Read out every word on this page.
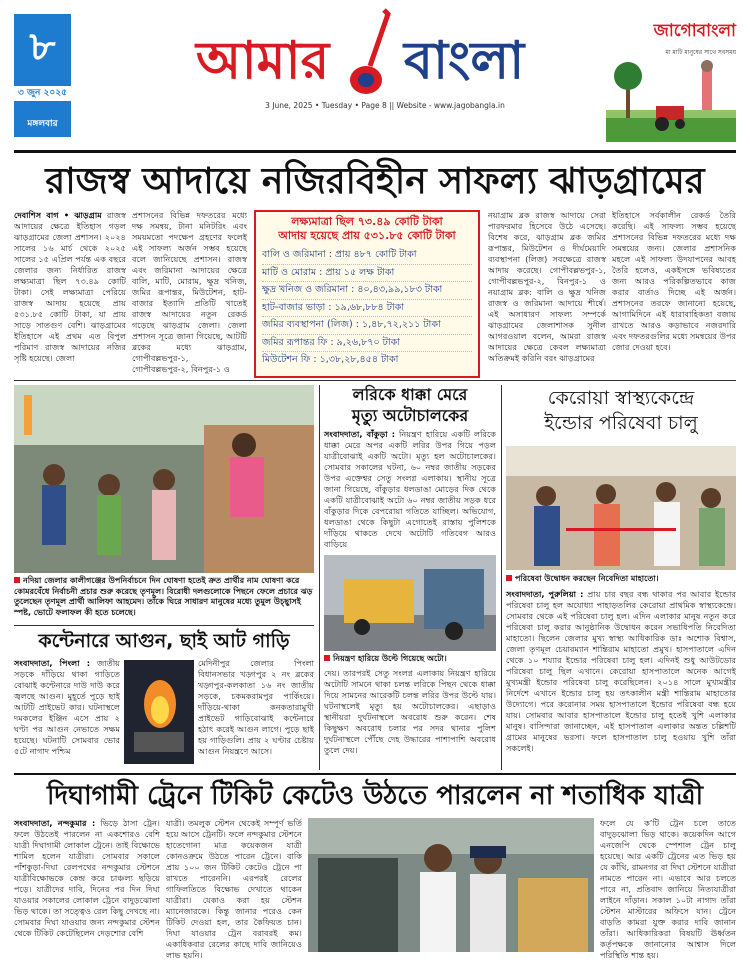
৮
৩ জুন ২০২৫
মঙ্গলবার
আমার বাংলা
3 June, 2025 • Tuesday • Page 8 || Website - www.jagobangla.in
জাগোবাংলা
মা মাটি মানুষের সাথে সবসময়
রাজস্ব আদায়ে নজিরবিহীন সাফল্য ঝাড়গ্রামের
দেবাশিস বাগ • ঝাড়গ্রাম রাজস্ব আদায়ের ক্ষেত্রে ইতিহাস গড়ল ঝাড়গ্রামের জেলা প্রশাসন। ২০২৪ সালের ১৬ মার্চ থেকে ২০২৫ সালের ১৫ এপ্রিল পর্যন্ত এক বছরে জেলার জন্য নির্ধারিত রাজস্ব লক্ষ্যমাত্রা ছিল ৭৩.৪৯ কোটি টাকা। সেই লক্ষ্যমাত্রা পেরিয়ে রাজস্ব আদায় হয়েছে প্রায় ৫৩১.৮৫ কোটি টাকা, যা প্রায় সাড়ে সাতগুণ বেশি। ঝাড়গ্রামের ইতিহাসে এই প্রথম এত বিপুল পরিমাণ রাজস্ব আদায়ের নজির সৃষ্টি হয়েছে। জেলা
প্রশাসনের বিভিন্ন দফতরের মধ্যে দক্ষ সমন্বয়, টানা মনিটরিং এবং সময়মতো পদক্ষেপ গ্রহণের ফলেই এই সাফল্য অর্জন সম্ভব হয়েছে বলে জানিয়েছে প্রশাসন। রাজস্ব এবং জরিমানা আদায়ের ক্ষেত্রে বালি, মাটি, মোরাম, ক্ষুদ্র খনিজ, জমির রূপান্তর, মিউটেশন, হাট-বাজার ইত্যাদি প্রতিটি খাতেই রাজস্ব আদায়ের নতুন রেকর্ড গড়েছে ঝাড়গ্রাম জেলা। জেলা প্রশাসন সূত্রে জানা গিয়েছে, আটটি ব্লকের মধ্যে ঝাড়গ্রাম, গোপীবল্লভপুর-১, গোপীবল্লভপুর-২, বিনপুর-১ ও
লক্ষ্যমাত্রা ছিল ৭৩.৪৯ কোটি টাকা
আদায় হয়েছে প্রায় ৫৩১.৮৫ কোটি টাকা
বালি ও জরিমানা : প্রায় ৪৮৭ কোটি টাকা
মাটি ও মোরাম : প্রায় ১৫ লক্ষ টাকা
ক্ষুদ্র খনিজ ও জরিমানা : ৪০,৪৩,৯৯,১৮৩ টাকা
হাট-বাজার ভাড়া : ১৯,৬৮,৮৮৪ টাকা
জমির ব্যবস্থাপনা (লিজ) : ১,৪৮,৭২,২১১ টাকা
জমির রূপান্তর ফি : ৯,২৬,৮৭০ টাকা
মিউটেশন ফি : ১,৩৮,২৮,৪৫৪ টাকা
নয়াগ্রাম ব্লক রাজস্ব আদায়ে সেরা পারফরমার হিসেবে উঠে এসেছে। বিশেষ করে, ঝাড়গ্রাম ব্লক জমির রূপান্তর, মিউটেশন ও দীর্ঘমেয়াদি ব্যবস্থাপনা (লিজ) সবক্ষেত্রে রাজস্ব আদায় করেছে। গোপীবল্লভপুর-১, গোপীবল্লভপুর-২, বিনপুর-১ ও নয়াগ্রাম ব্লক: বালি ও ক্ষুদ্র খনিজ রাজস্ব ও জরিমানা আদায়ে শীর্ষে। এই অসাধারণ সাফল্য সম্পর্কে ঝাড়গ্রামের জেলাশাসক সুনীল আগরওয়াল বলেন, আমরা রাজস্ব আদায়ের ক্ষেত্রে কেবল লক্ষ্যমাত্রা অতিক্রমই করিনি বরং ঝাড়গ্রামের
ইতিহাসে সর্বকালীন রেকর্ড তৈরি করেছি। এই সাফল্য সম্ভব হয়েছে প্রশাসনের বিভিন্ন দফতরের মধ্যে দক্ষ সমন্বয়ের জন্য। জেলার প্রশাসনিক মহলে এই সাফল্য উদযাপনের আবহ তৈরি হলেও, একইসঙ্গে ভবিষ্যতের জন্য আরও পরিকল্পিতভাবে কাজ করার বার্তাও দিচ্ছে এই অর্জন। প্রশাসনের তরফে জানানো হয়েছে, আগামিদিনে এই ধারাবাহিকতা বজায় রাখতে আরও কড়াভাবে নজরদারি এবং দফতরগুলির মধ্যে সমন্বয়ের উপর জোর দেওয়া হবে।
নদিয়া জেলার কালীগঞ্জের উপনির্বাচনে দিন ঘোষণা হতেই ক্রত প্রার্থীর নাম ঘোষণা করে কোমরবেঁধে নির্বাচনী প্রচার শুরু করেছে তৃণমূল। বিরোধী দলগুলোকে পিছনে ফেলে প্রচারে ঝড় তুলেছেন তৃণমূল প্রার্থী আলিফা আহমেদ। তাঁকে ঘিরে সাধারণ মানুষের মধ্যে তুমুল উচ্ছ্বাসই স্পষ্ট, ভোটে ফলাফল কী হতে চলেছে।
কন্টেনারে আগুন, ছাই আট গাড়ি
সংবাদদাতা, পিংলা : জাতীয় সড়কে দাঁড়িয়ে থাকা গাড়িতে বোঝাই কন্টেনারে দাউ দাউ করে জ্বলছে আগুন। মুহূর্তে পুড়ে ছাই আটটি প্রাইভেট কার। ঘটনাস্থলে দমকলের ইঞ্জিন এসে প্রায় ২ ঘণ্টা পর আগুন নেভাতে সক্ষম হয়েছে। ঘটনাটি সোমবার ভোর ৫টে নাগাদ পশ্চিম
মেদিনীপুর জেলার পিংলা বিধানসভার খড়্গপুর ২ নং ব্লকের খড়্গপুর-কলকাতা ১৬ নং জাতীয় সড়কে, চকমকরামপুর পার্কিংয়ে। দাঁড়িয়ে-থাকা কনকতারামুখী প্রাইভেট গাড়িবোঝাই কন্টেনারে হঠাৎ করেই আগুন লাগে। পুড়ে ছাই হয় গাড়িগুলি। প্রায় ২ ঘণ্টার চেষ্টায় আগুন নিয়ন্ত্রণে আসে।
লরিকে ধাক্কা মেরে
মৃত্যু অটোচালকের
সংবাদদাতা, বাঁকুড়া : নিয়ন্ত্রণ হারিয়ে একটি লরিকে ধাক্কা মেরে অপর একটি লরির উপর গিয়ে পড়ল যাত্রীবোঝাই একটি অটো। মৃত্যু হল অটোচালকের। সোমবার সকালের ঘটনা, ৬০ নম্বর জাতীয় সড়কের উপর এক্তেশ্বর সেতু সংলগ্ন এলাকায়। স্থানীয় সূত্রে জানা গিয়েছে, বাঁকুড়ার ধলডাঙা মোড়ের দিক থেকে একটি যাত্রীবোঝাই অটো ৬০ নম্বর জাতীয় সড়ক ধরে বাঁকুড়ার দিকে বেপরোয়া গতিতে যাচ্ছিল। অভিযোগ, ধলডাঙা থেকে কিছুটা এগোতেই রাস্তায় পুলিশকে দাঁড়িয়ে থাকতে দেখে অটোটি গতিবেগ আরও বাড়িয়ে
নিয়ন্ত্রণ হারিয়ে উল্টে গিয়েছে অটো।
দেয়। তারপরই সেতু সংলগ্ন এলাকায় নিয়ন্ত্রণ হারিয়ে অটোটি সামনে থাকা চলন্ত লরিকে পিছন থেকে ধাক্কা দিয়ে সামনের আরেকটি চলন্ত লরির উপর উল্টে যায়। ঘটনাস্থলেই মৃত্যু হয় অটোচালকের। এছাড়াও স্থানীয়রা দুর্ঘটনাস্থলে অবরোধ শুরু করেন। শেষ কিছুক্ষণ অবরোধ চলার পর সদর থানার পুলিশ দুর্ঘটনাস্থলে পৌঁছে দেহ উদ্ধারের পাশাপাশি অবরোধ তুলে দেয়।
কেরোয়া স্বাস্থ্যকেন্দ্রে
ইন্ডোর পরিষেবা চালু
পরিষেবা উদ্বোধন করছেন নিবেদিতা মাহাতো।
সংবাদদাতা, পুরুলিয়া : প্রায় চার বছর বন্ধ থাকার পর আবার ইন্ডোর পরিষেবা চালু হল অযোধ্যা পাহাড়তলির কেরোয়া প্রাথমিক স্বাস্থ্যকেন্দ্রে। সোমবার থেকে এই পরিষেবা চালু হল। এদিন এলাকার মানুষ নতুন করে পরিষেবা চালু করার আনুষ্ঠানিক উদ্বোধন করেন সভাধিপতি নিবেদিতা মাহাতো। ছিলেন জেলার মুখ্য স্বাস্থ্য আধিকারিক ডাঃ অশোক বিশ্বাস, জেলা তৃণমূল চেয়ারম্যান শান্তিরাম মাহাতো প্রমুখ। হাসপাতালে এদিন থেকে ১০ শয্যার ইন্ডোর পরিষেবা চালু হল। এদিনই শুধু আউটডোর পরিষেবা চালু ছিল এখানে। কেরোয়া হাসপাতালে অনেক আগেই মুখ্যমন্ত্রী ইন্ডোর পরিষেবা চালু করেছিলেন। ২০১৪ সালে মুখ্যমন্ত্রীর নির্দেশে এখানে ইন্ডোর চালু হয় তৎকালীন মন্ত্রী শান্তিরাম মাহাতোর উদ্যোগে। পরে করোনার সময় হাসপাতালে ইন্ডোর পরিষেবা বন্ধ হয়ে যায়। সোমবার আবার হাসপাতালে ইন্ডোর চালু হতেই খুশি এলাকার মানুষ। বাসিন্দারা জানাচ্ছেন, এই হাসপাতাল এলাকার অন্তত চল্লিশটি গ্রামের মানুষের ভরসা। ফলে হাসপাতাল চালু হওয়ায় খুশি তাঁরা সকলেই।
দিঘাগামী ট্রেনে টিকিট কেটেও উঠতে পারলেন না শতাধিক যাত্রী
সংবাদদাতা, নন্দকুমার : ভিড়ে ঠাসা ট্রেন। ফলে উঠতেই পারলেন না একশোরও বেশি যাত্রী দিঘাগামী লোকাল ট্রেনে। তাই বিক্ষোভে শামিল হলেন যাত্রীরা। সোমবার সকালে পাঁশকুড়া-দিঘা রেলপথের নন্দকুমার স্টেশনে যাত্রীবিক্ষোভকে কেন্দ্র করে চাঞ্চল্য ছড়িয়ে পড়ে। যাত্রীদের দাবি, দিনের পর দিন দিঘা যাওয়ার সকালের লোকাল ট্রেনে বাদুড়ঝোলা ভিড় থাকে। তা সত্ত্বেও রেল কিছু দেখছে না। সোমবার দিঘা যাওয়ার জন্য নন্দকুমার স্টেশন থেকে টিকিট কেটেছিলেন দেড়শোর বেশি
যাত্রী। তমলুক স্টেশন থেকেই সম্পূর্ণ ভর্তি হয়ে আসে ট্রেনটি। ফলে নন্দকুমার স্টেশনে হাতেগোনা মাত্র কয়েকজন যাত্রী কোনওক্রমে উঠতে পারেন ট্রেনে। বাকি প্রায় ১০০ জন টিকিট কেটেও ট্রেনে পা রাখতে পারেননি। এরপরই রেলের গাফিলতিতে বিক্ষোভ দেখাতে থাকেন যাত্রীরা। যেকাও করা হয় স্টেশন ম্যানেজারকে। কিন্তু জানার পরেও কেন টিকিট দেওয়া হল, তার কৈফিয়ত চান। দিঘা যাওয়ার ট্রেন বরাবরই কম। একাধিকবার রেলের কাছে দাবি জানিয়েও লাভ হয়নি।
ফলে যে ক’টি ট্রেন চলে তাতে বাদুড়ঝোলা ভিড় থাকে। কয়েকদিন আগে এনজেপি থেকে স্পেশাল ট্রেন চালু হয়েছে। আর একটি ট্রেনের এত ভিড় হয় যে কাঁথি, রামনগর বা দিঘা স্টেশনে যাত্রীরা নামতে পারেন না। এভাবে আর চলতে পারে না, প্রতিবাদ জানিয়ে নিত্যযাত্রীরা লাইনে দাঁড়ান। সকাল ১০টা নাগাদ তাঁরা স্টেশন মাস্টারের অফিসে যান। ট্রেনে বাড়তি কামরা যুক্ত করার দাবি জানান তাঁরা। আধিকারিকরা বিষয়টি ঊর্ধ্বতন কর্তৃপক্ষকে জানানোর আশ্বাস দিলে পরিস্থিতি শান্ত হয়।
